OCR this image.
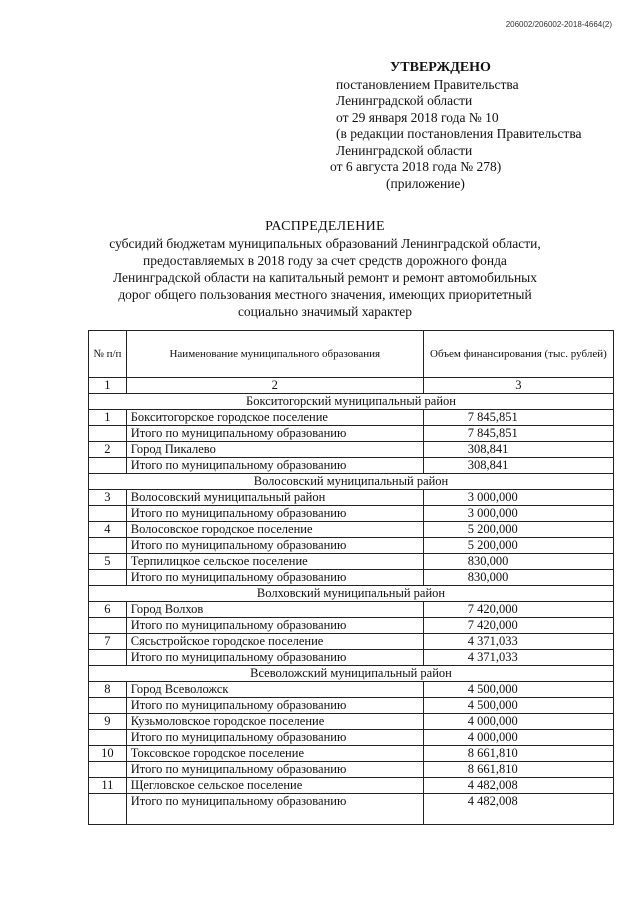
206002/206002-2018-4664(2)
УТВЕРЖДЕНО
постановлением Правительства
Ленинградской области
от 29 января 2018 года № 10
(в редакции постановления Правительства
Ленинградской области
от 6 августа 2018 года № 278)
(приложение)
РАСПРЕДЕЛЕНИЕ
субсидий бюджетам муниципальных образований Ленинградской области,
предоставляемых в 2018 году за счет средств дорожного фонда
Ленинградской области на капитальный ремонт и ремонт автомобильных
дорог общего пользования местного значения, имеющих приоритетный
социально значимый характер
№ п/п	Наименование муниципального образования	Объем финансирования (тыс. рублей)
1	2	3
Бокситогорский муниципальный район		
1	Бокситогорское городское поселение	7 845,851
	Итого по муниципальному образованию	7 845,851
2	Город Пикалево	308,841
	Итого по муниципальному образованию	308,841
Волосовский муниципальный район		
3	Волосовский муниципальный район	3 000,000
	Итого по муниципальному образованию	3 000,000
4	Волосовское городское поселение	5 200,000
	Итого по муниципальному образованию	5 200,000
5	Терпилицкое сельское поселение	830,000
	Итого по муниципальному образованию	830,000
Волховский муниципальный район		
6	Город Волхов	7 420,000
	Итого по муниципальному образованию	7 420,000
7	Сясьстройское городское поселение	4 371,033
	Итого по муниципальному образованию	4 371,033
Всеволожский муниципальный район		
8	Город Всеволожск	4 500,000
	Итого по муниципальному образованию	4 500,000
9	Кузьмоловское городское поселение	4 000,000
	Итого по муниципальному образованию	4 000,000
10	Токсовское городское поселение	8 661,810
	Итого по муниципальному образованию	8 661,810
11	Щегловское сельское поселение	4 482,008
	Итого по муниципальному образованию	4 482,008
